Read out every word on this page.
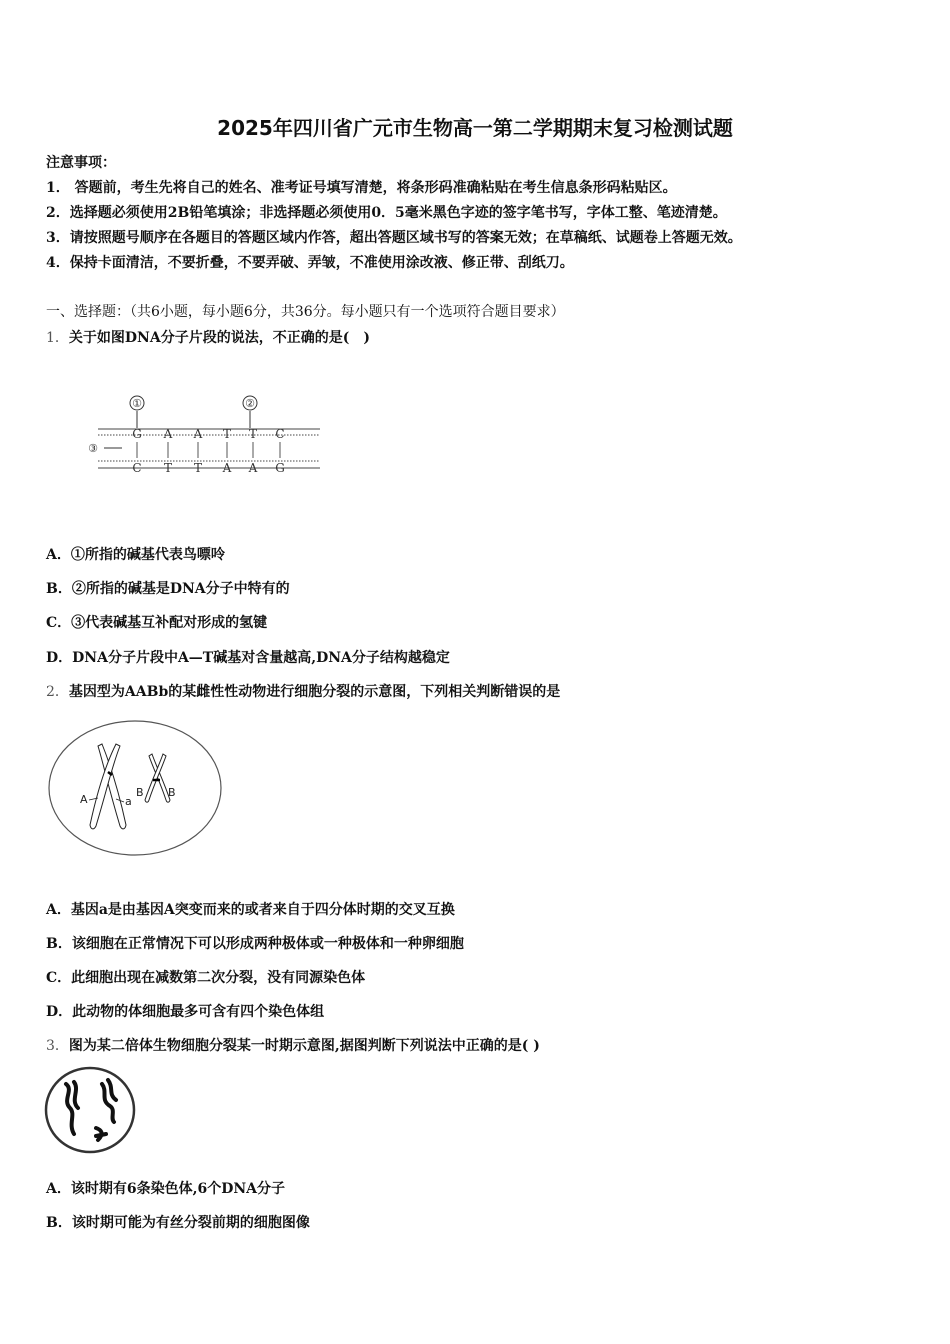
2025年四川省广元市生物高一第二学期期末复习检测试题
注意事项：
1． 答题前，考生先将自己的姓名、准考证号填写清楚，将条形码准确粘贴在考生信息条形码粘贴区。
2．选择题必须使用2B铅笔填涂；非选择题必须使用0．5毫米黑色字迹的签字笔书写，字体工整、笔迹清楚。
3．请按照题号顺序在各题目的答题区域内作答，超出答题区域书写的答案无效；在草稿纸、试题卷上答题无效。
4．保持卡面清洁，不要折叠，不要弄破、弄皱，不准使用涂改液、修正带、刮纸刀。
一、选择题：（共6小题，每小题6分，共36分。每小题只有一个选项符合题目要求）
1．关于如图DNA分子片段的说法，不正确的是(　)
①	②
③
G A A T T C
C T T A A G
A．①所指的碱基代表鸟嘌呤
B．②所指的碱基是DNA分子中特有的
C．③代表碱基互补配对形成的氢键
D．DNA分子片段中A—T碱基对含量越高,DNA分子结构越稳定
2．基因型为AABb的某雌性性动物进行细胞分裂的示意图，下列相关判断错误的是
A	a
B B
A．基因a是由基因A突变而来的或者来自于四分体时期的交叉互换
B．该细胞在正常情况下可以形成两种极体或一种极体和一种卵细胞
C．此细胞出现在减数第二次分裂，没有同源染色体
D．此动物的体细胞最多可含有四个染色体组
3．图为某二倍体生物细胞分裂某一时期示意图,据图判断下列说法中正确的是( )
A．该时期有6条染色体,6个DNA分子
B．该时期可能为有丝分裂前期的细胞图像
